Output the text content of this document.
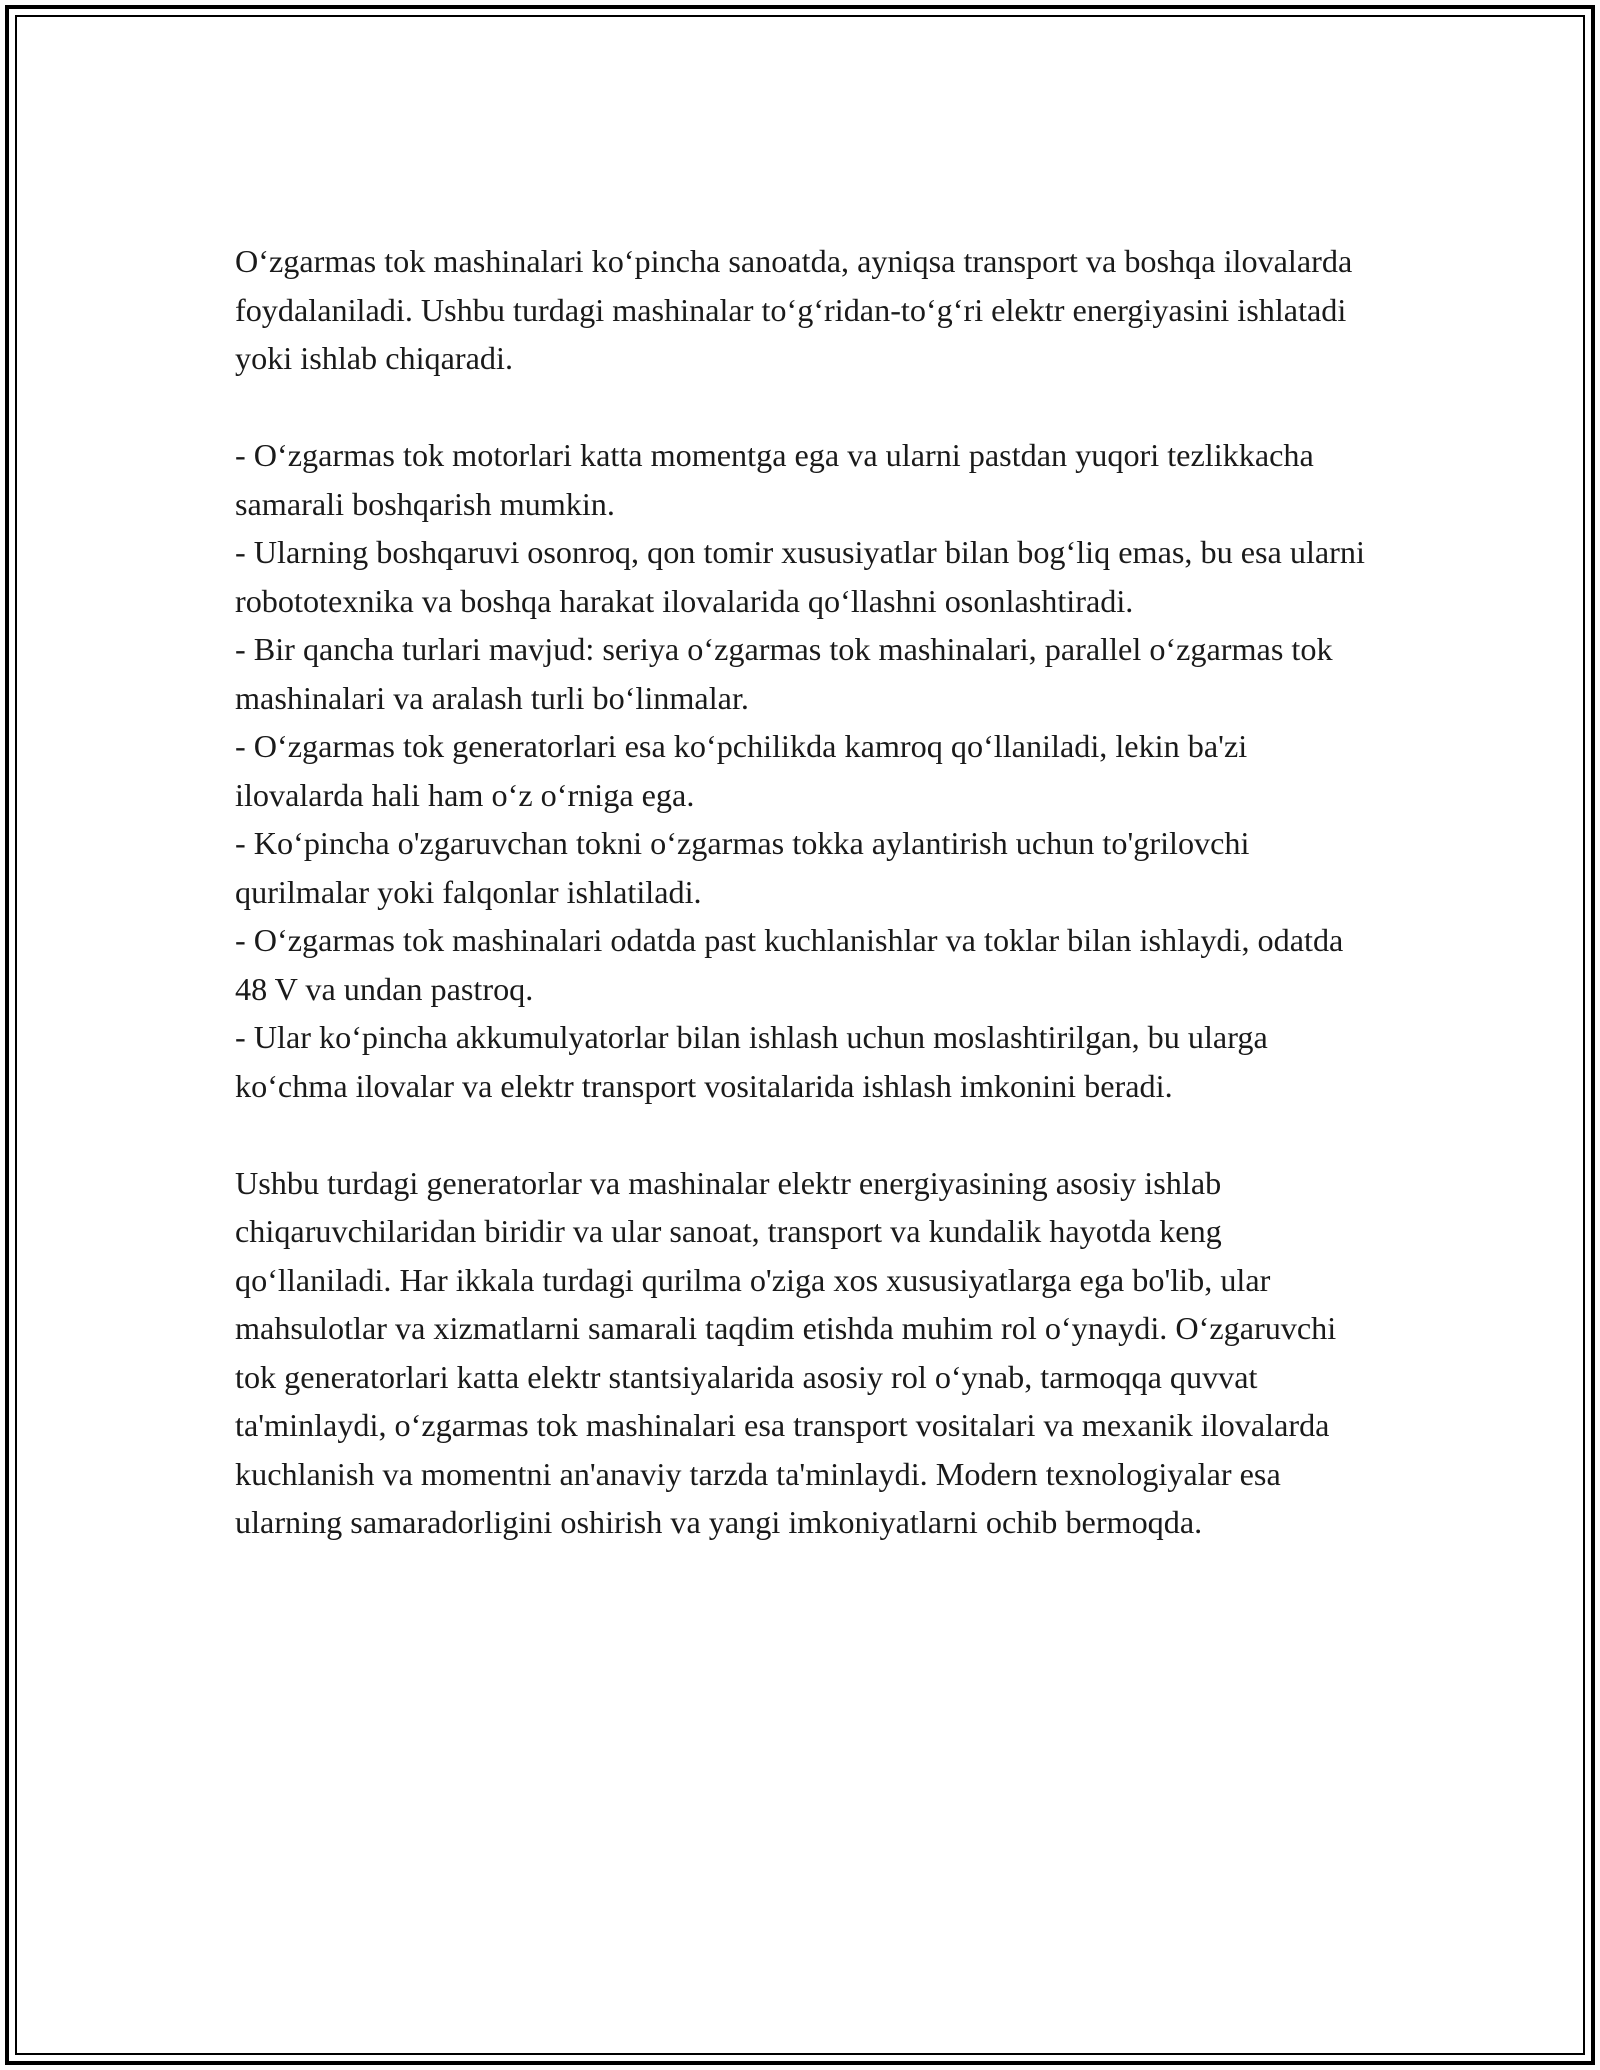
O‘zgarmas tok mashinalari ko‘pincha sanoatda, ayniqsa transport va boshqa ilovalarda foydalaniladi. Ushbu turdagi mashinalar to‘g‘ridan-to‘g‘ri elektr energiyasini ishlatadi yoki ishlab chiqaradi.

- O‘zgarmas tok motorlari katta momentga ega va ularni pastdan yuqori tezlikkacha samarali boshqarish mumkin.

- Ularning boshqaruvi osonroq, qon tomir xususiyatlar bilan bog‘liq emas, bu esa ularni robototexnika va boshqa harakat ilovalarida qo‘llashni osonlashtiradi.

- Bir qancha turlari mavjud: seriya o‘zgarmas tok mashinalari, parallel o‘zgarmas tok mashinalari va aralash turli bo‘linmalar.

- O‘zgarmas tok generatorlari esa ko‘pchilikda kamroq qo‘llaniladi, lekin ba'zi ilovalarda hali ham o‘z o‘rniga ega.

- Ko‘pincha o'zgaruvchan tokni o‘zgarmas tokka aylantirish uchun to'grilovchi qurilmalar yoki falqonlar ishlatiladi.

- O‘zgarmas tok mashinalari odatda past kuchlanishlar va toklar bilan ishlaydi, odatda 48 V va undan pastroq.

- Ular ko‘pincha akkumulyatorlar bilan ishlash uchun moslashtirilgan, bu ularga ko‘chma ilovalar va elektr transport vositalarida ishlash imkonini beradi.

Ushbu turdagi generatorlar va mashinalar elektr energiyasining asosiy ishlab chiqaruvchilaridan biridir va ular sanoat, transport va kundalik hayotda keng qo‘llaniladi. Har ikkala turdagi qurilma o'ziga xos xususiyatlarga ega bo'lib, ular mahsulotlar va xizmatlarni samarali taqdim etishda muhim rol o‘ynaydi. O‘zgaruvchi tok generatorlari katta elektr stantsiyalarida asosiy rol o‘ynab, tarmoqqa quvvat ta'minlaydi, o‘zgarmas tok mashinalari esa transport vositalari va mexanik ilovalarda kuchlanish va momentni an'anaviy tarzda ta'minlaydi. Modern texnologiyalar esa ularning samaradorligini oshirish va yangi imkoniyatlarni ochib bermoqda.
